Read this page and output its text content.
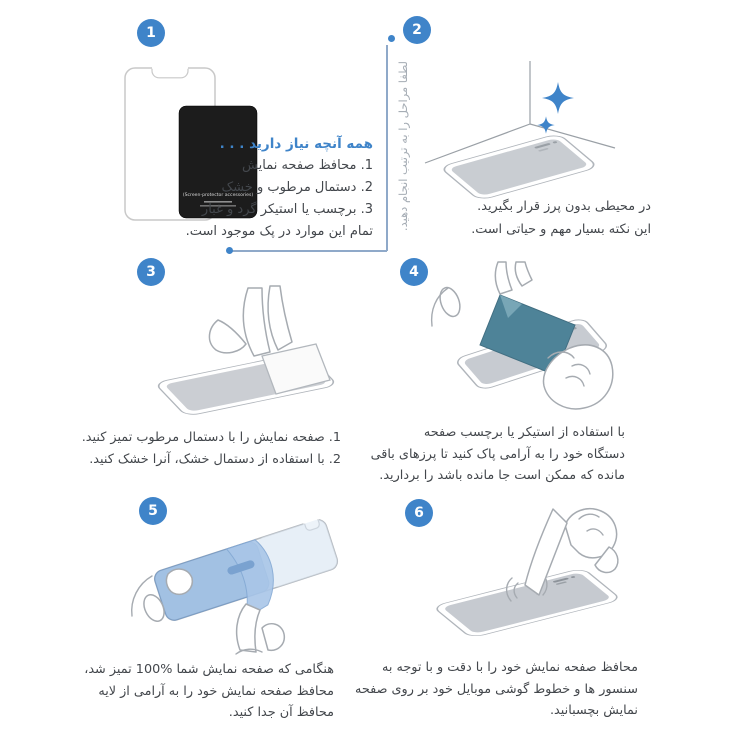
1	2
3	4
5	6
لطفا مراحل را به ترتیب انجام دهید.
(Screen-protector accessories)
همه آنچه نیاز دارید . . .
1. محافظ صفحه نمایش
2. دستمال مرطوب و خشک
3. برچسب یا استیکر گرد و غبار
تمام این موارد در پک موجود است.
در محیطی بدون پرز قرار بگیرید.
این نکته بسیار مهم و حیاتی است.
1. صفحه نمایش را با دستمال مرطوب تمیز کنید.
2. با استفاده از دستمال خشک، آنرا خشک کنید.
با استفاده از استیکر یا برچسب صفحه
دستگاه خود را به آرامی پاک کنید تا پرزهای باقی
مانده که ممکن است جا مانده باشد را بردارید.
هنگامی که صفحه نمایش شما %100 تمیز شد،
محافظ صفحه نمایش خود را به آرامی از لایه
محافظ آن جدا کنید.
محافظ صفحه نمایش خود را با دقت و با توجه به
سنسور ها و خطوط گوشی موبایل خود بر روی صفحه
نمایش بچسبانید.
